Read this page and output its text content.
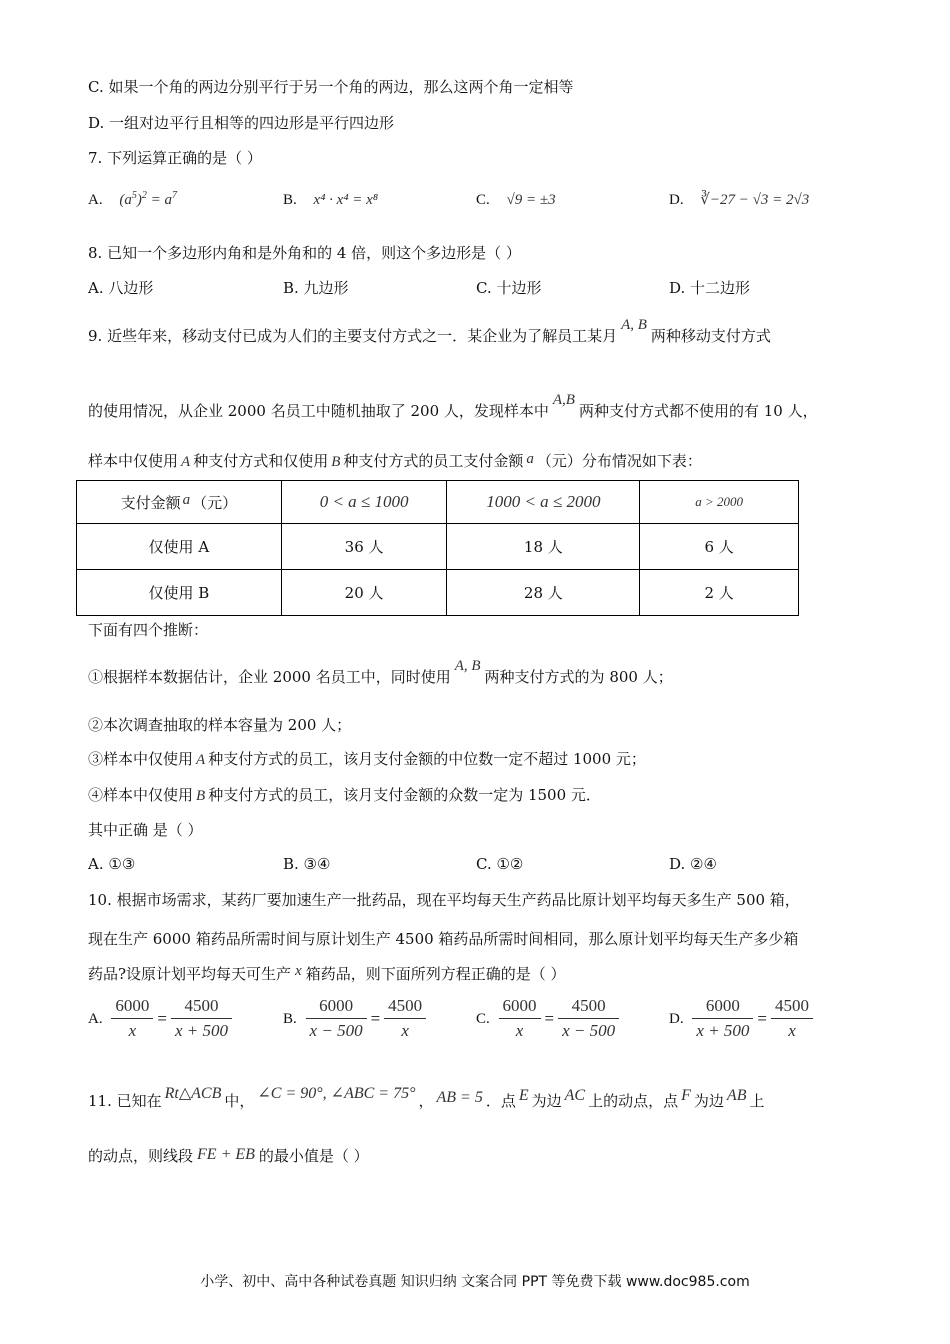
C. 如果一个角的两边分别平行于另一个角的两边，那么这两个角一定相等
D. 一组对边平行且相等的四边形是平行四边形
7. 下列运算正确的是（ ）
A. $(a^5)^2 = a^7$	B. x⁴ · x⁴ = x⁸	C. √9 = ±3	D. ∛−27 − √3 = 2√3
8. 已知一个多边形内角和是外角和的 4 倍，则这个多边形是（ ）
A. 八边形	B. 九边形	C. 十边形	D. 十二边形
9. 近些年来，移动支付已成为人们的主要支付方式之一．某企业为了解员工某月A, B两种移动支付方式
的使用情况，从企业 2000 名员工中随机抽取了 200 人，发现样本中A,B两种支付方式都不使用的有 10 人，
样本中仅使用 A 种支付方式和仅使用 B 种支付方式的员工支付金额 a （元）分布情况如下表：
支付金额 a （元）	0 < a ≤ 1000	1000 < a ≤ 2000	a > 2000
仅使用 A	36 人	18 人	6 人
仅使用 B	20 人	28 人	2 人
下面有四个推断：
①根据样本数据估计，企业 2000 名员工中，同时使用A, B两种支付方式的为 800 人；
②本次调查抽取的样本容量为 200 人；
③样本中仅使用 A 种支付方式的员工，该月支付金额的中位数一定不超过 1000 元；
④样本中仅使用 B 种支付方式的员工，该月支付金额的众数一定为 1500 元．
其中正确 是（ ）
A. ①③	B. ③④	C. ①②	D. ②④
10. 根据市场需求，某药厂要加速生产一批药品，现在平均每天生产药品比原计划平均每天多生产 500 箱，
现在生产 6000 箱药品所需时间与原计划生产 4500 箱药品所需时间相同，那么原计划平均每天生产多少箱
药品?设原计划平均每天可生产 x 箱药品，则下面所列方程正确的是（ ）
A. $\frac{6000}{x} = \frac{4500}{x + 500}$	B. $\frac{6000}{x - 500} = \frac{4500}{x}$	C. $\frac{6000}{x} = \frac{4500}{x - 500}$	D. $\frac{6000}{x + 500} = \frac{4500}{x}$
11. 已知在 Rt△ACB 中， ∠C = 90°, ∠ABC = 75° ， AB = 5 ．点 E 为边 AC 上的动点，点 F 为边 AB 上
的动点，则线段 FE + EB 的最小值是（ ）
小学、初中、高中各种试卷真题 知识归纳 文案合同 PPT 等免费下载 www.doc985.com
